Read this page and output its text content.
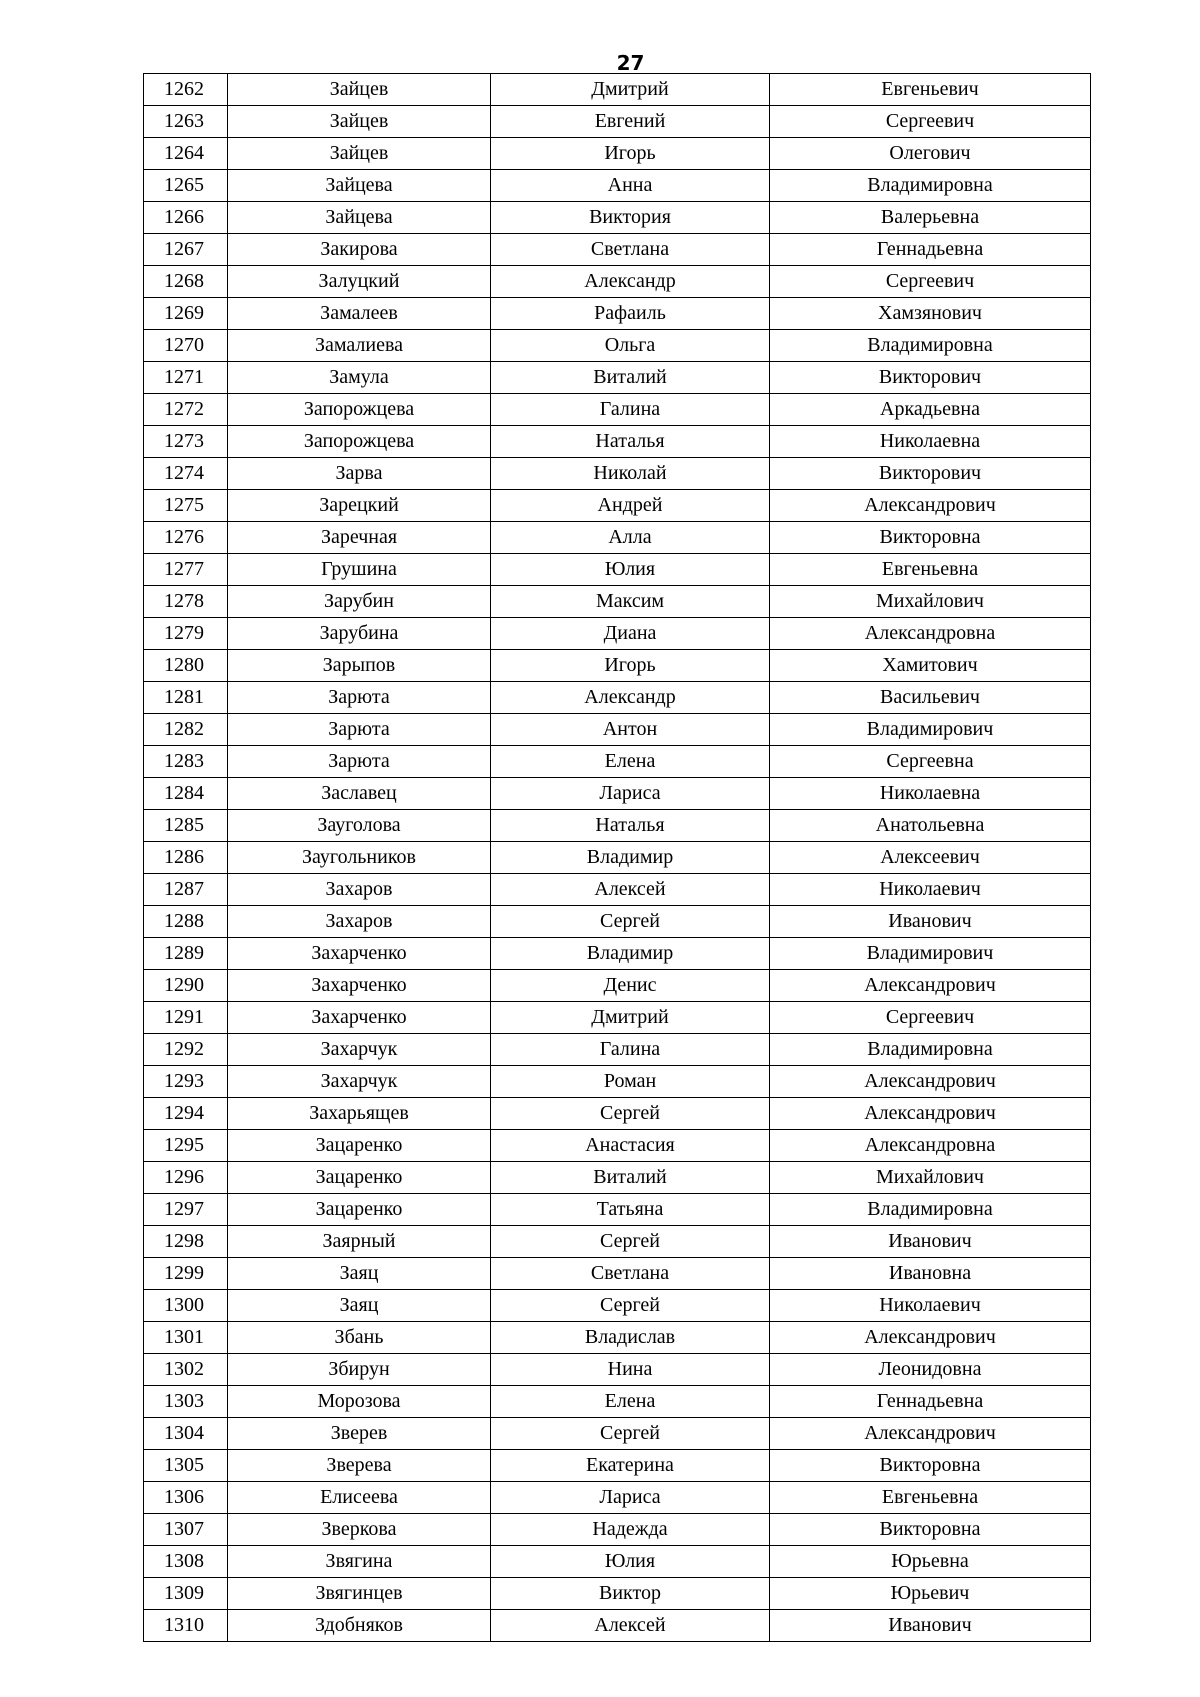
27
1262	Зайцев	Дмитрий	Евгеньевич
1263	Зайцев	Евгений	Сергеевич
1264	Зайцев	Игорь	Олегович
1265	Зайцева	Анна	Владимировна
1266	Зайцева	Виктория	Валерьевна
1267	Закирова	Светлана	Геннадьевна
1268	Залуцкий	Александр	Сергеевич
1269	Замалеев	Рафаиль	Хамзянович
1270	Замалиева	Ольга	Владимировна
1271	Замула	Виталий	Викторович
1272	Запорожцева	Галина	Аркадьевна
1273	Запорожцева	Наталья	Николаевна
1274	Зарва	Николай	Викторович
1275	Зарецкий	Андрей	Александрович
1276	Заречная	Алла	Викторовна
1277	Грушина	Юлия	Евгеньевна
1278	Зарубин	Максим	Михайлович
1279	Зарубина	Диана	Александровна
1280	Зарыпов	Игорь	Хамитович
1281	Зарюта	Александр	Васильевич
1282	Зарюта	Антон	Владимирович
1283	Зарюта	Елена	Сергеевна
1284	Заславец	Лариса	Николаевна
1285	Зауголова	Наталья	Анатольевна
1286	Заугольников	Владимир	Алексеевич
1287	Захаров	Алексей	Николаевич
1288	Захаров	Сергей	Иванович
1289	Захарченко	Владимир	Владимирович
1290	Захарченко	Денис	Александрович
1291	Захарченко	Дмитрий	Сергеевич
1292	Захарчук	Галина	Владимировна
1293	Захарчук	Роман	Александрович
1294	Захарьящев	Сергей	Александрович
1295	Зацаренко	Анастасия	Александровна
1296	Зацаренко	Виталий	Михайлович
1297	Зацаренко	Татьяна	Владимировна
1298	Заярный	Сергей	Иванович
1299	Заяц	Светлана	Ивановна
1300	Заяц	Сергей	Николаевич
1301	Збань	Владислав	Александрович
1302	Збирун	Нина	Леонидовна
1303	Морозова	Елена	Геннадьевна
1304	Зверев	Сергей	Александрович
1305	Зверева	Екатерина	Викторовна
1306	Елисеева	Лариса	Евгеньевна
1307	Зверкова	Надежда	Викторовна
1308	Звягина	Юлия	Юрьевна
1309	Звягинцев	Виктор	Юрьевич
1310	Здобняков	Алексей	Иванович
